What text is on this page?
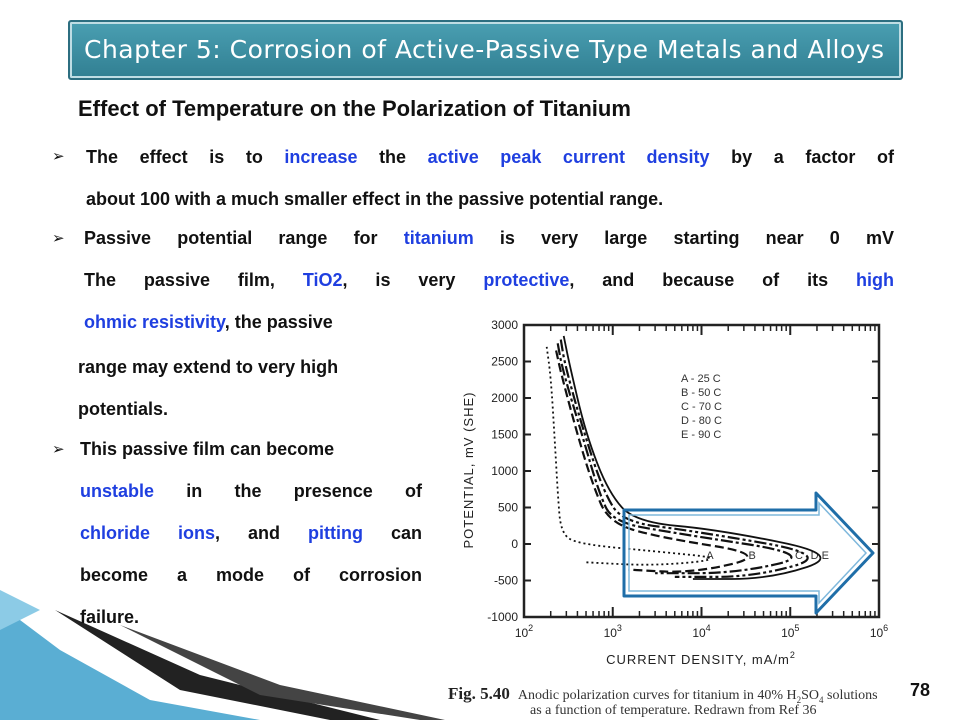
Chapter 5: Corrosion of Active-Passive Type Metals and Alloys
Effect of Temperature on the Polarization of Titanium
➢ The effect is to increase the active peak current density by a factor of
about 100 with a much smaller effect in the passive potential range.
➢ Passive potential range for titanium is very large starting near 0 mV
The passive film, TiO2, is very protective, and because of its high
ohmic resistivity, the passive
range may extend to very high
potentials.
➢ This passive film can become
unstable in the presence of
chloride ions, and pitting can
become a mode of corrosion
failure.
3000
2500
2000
1500
1000
500
0
-500
-1000
$10^2$	$10^3$	$10^4$	$10^5$	$10^6$
A	B	C D E
POTENTIAL, mV (SHE)
CURRENT DENSITY, $mA/m^2$
A - 25 C
B - 50 C
C - 70 C
D - 80 C
E - 90 C
Fig. 5.40 Anodic polarization curves for titanium in 40% $H_2SO_4$ solutions
as a function of temperature. Redrawn from Ref 36
78
